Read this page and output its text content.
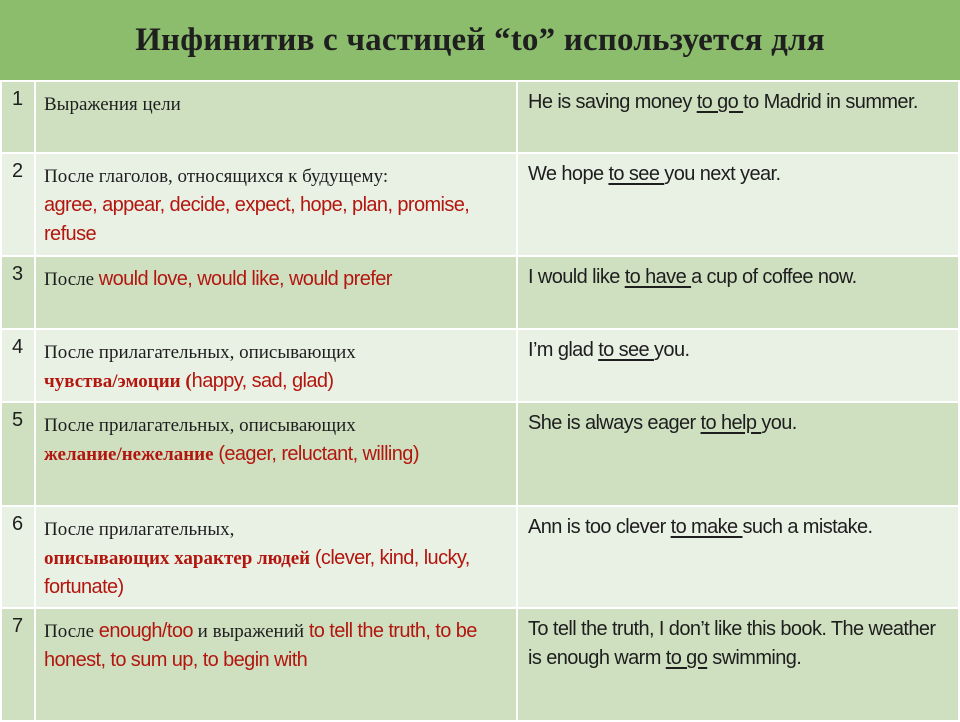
Инфинитив с частицей “to” используется для
1	Выражения цели	He is saving money to go to Madrid in summer.
2	После глаголов, относящихся к будущему:
agree, appear, decide, expect, hope, plan, promise, refuse	We hope to see you next year.
3	После would love, would like, would prefer	I would like to have a cup of coffee now.
4	После прилагательных, описывающих
чувства/эмоции (happy, sad, glad)	I’m glad to see you.
5	После прилагательных, описывающих
желание/нежелание (eager, reluctant, willing)	She is always eager to help you.
6	После прилагательных,
описывающих характер людей (clever, kind, lucky, fortunate)	Ann is too clever to make such a mistake.
7	После enough/too и выражений to tell the truth, to be honest, to sum up, to begin with	To tell the truth, I don’t like this book. The weather is enough warm to go swimming.
